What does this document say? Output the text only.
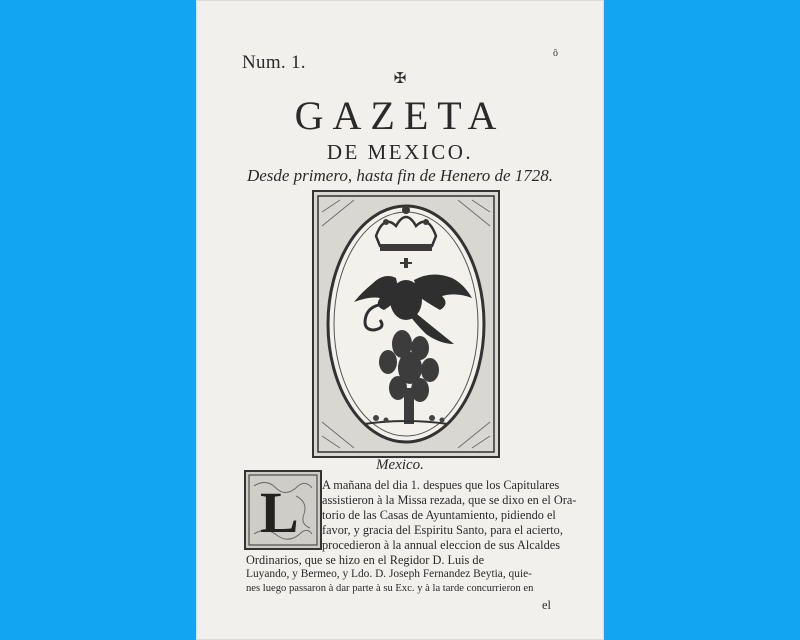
Num. 1.	ô
✠
GAZETA
DE MEXICO.
Desde primero, hasta fin de Henero de 1728.
Mexico.
L A mañana del dia 1. despues que los Capitulares
assistieron à la Missa rezada, que se dixo en el Ora-
torio de las Casas de Ayuntamiento, pidiendo el
favor, y gracia del Espiritu Santo, para el acierto,
procedieron à la annual eleccion de sus Alcaldes
Ordinarios, que se hizo en el Regidor D. Luis de
Luyando, y Bermeo, y Ldo. D. Joseph Fernandez Beytia, quie-
nes luego passaron à dar parte à su Exc. y à la tarde concurrieron en
el
